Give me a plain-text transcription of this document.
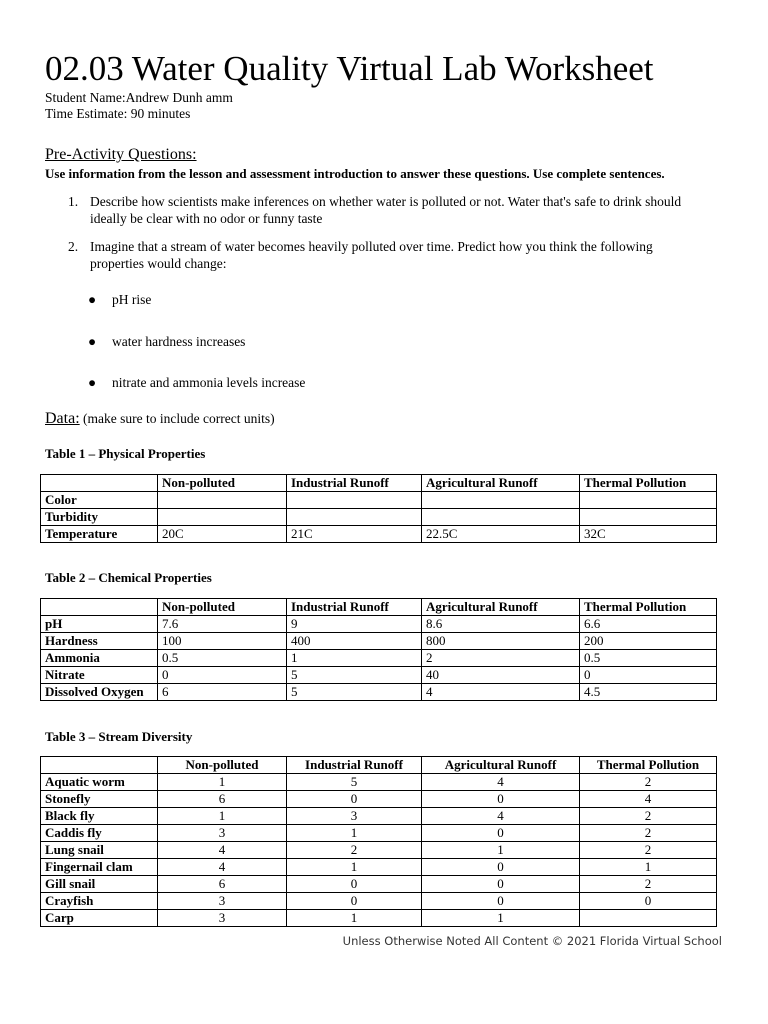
02.03 Water Quality Virtual Lab Worksheet
Student Name:Andrew Dunh amm
Time Estimate: 90 minutes
Pre-Activity Questions:
Use information from the lesson and assessment introduction to answer these questions. Use complete sentences.
1. Describe how scientists make inferences on whether water is polluted or not. Water that's safe to drink should ideally be clear with no odor or funny taste
2. Imagine that a stream of water becomes heavily polluted over time. Predict how you think the following properties would change:
● pH rise
● water hardness increases
● nitrate and ammonia levels increase
Data: (make sure to include correct units)
Table 1 – Physical Properties
	Non-polluted	Industrial Runoff	Agricultural Runoff	Thermal Pollution
Color				
Turbidity				
Temperature	20C	21C	22.5C	32C
Table 2 – Chemical Properties
	Non-polluted	Industrial Runoff	Agricultural Runoff	Thermal Pollution
pH	7.6	9	8.6	6.6
Hardness	100	400	800	200
Ammonia	0.5	1	2	0.5
Nitrate	0	5	40	0
Dissolved Oxygen	6	5	4	4.5
Table 3 – Stream Diversity
	Non-polluted	Industrial Runoff	Agricultural Runoff	Thermal Pollution
Aquatic worm	1	5	4	2
Stonefly	6	0	0	4
Black fly	1	3	4	2
Caddis fly	3	1	0	2
Lung snail	4	2	1	2
Fingernail clam	4	1	0	1
Gill snail	6	0	0	2
Crayfish	3	0	0	0
Carp	3	1	1	
Unless Otherwise Noted All Content © 2021 Florida Virtual School
